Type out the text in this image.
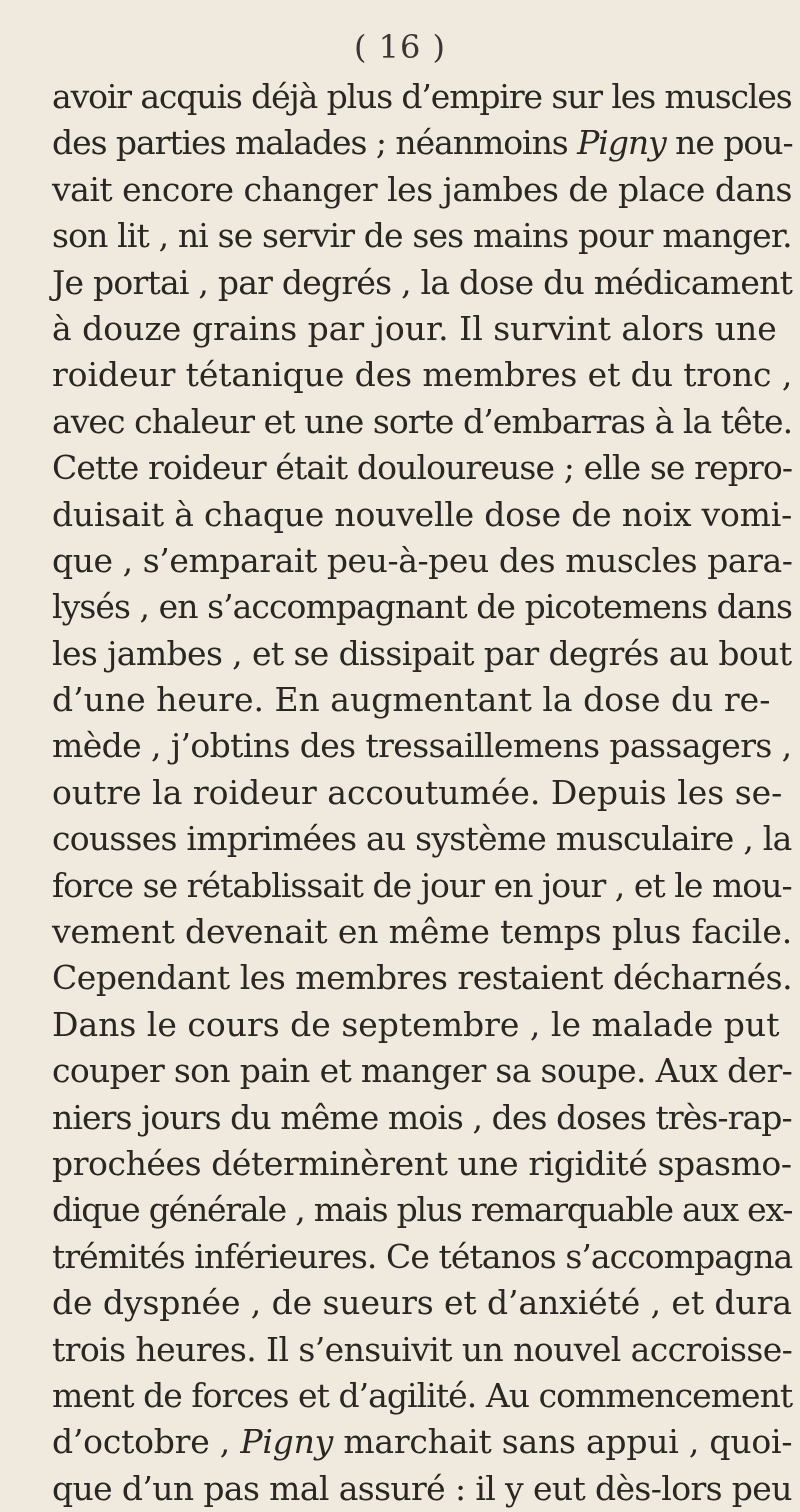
( 16 )
avoir acquis déjà plus d’empire sur les muscles
des parties malades ; néanmoins Pigny ne pou-
vait encore changer les jambes de place dans
son lit , ni se servir de ses mains pour manger.
Je portai , par degrés , la dose du médicament
à douze grains par jour. Il survint alors une
roideur tétanique des membres et du tronc ,
avec chaleur et une sorte d’embarras à la tête.
Cette roideur était douloureuse ; elle se repro-
duisait à chaque nouvelle dose de noix vomi-
que , s’emparait peu-à-peu des muscles para-
lysés , en s’accompagnant de picotemens dans
les jambes , et se dissipait par degrés au bout
d’une heure. En augmentant la dose du re-
mède , j’obtins des tressaillemens passagers ,
outre la roideur accoutumée. Depuis les se-
cousses imprimées au système musculaire , la
force se rétablissait de jour en jour , et le mou-
vement devenait en même temps plus facile.
Cependant les membres restaient décharnés.
Dans le cours de septembre , le malade put
couper son pain et manger sa soupe. Aux der-
niers jours du même mois , des doses très-rap-
prochées déterminèrent une rigidité spasmo-
dique générale , mais plus remarquable aux ex-
trémités inférieures. Ce tétanos s’accompagna
de dyspnée , de sueurs et d’anxiété , et dura
trois heures. Il s’ensuivit un nouvel accroisse-
ment de forces et d’agilité. Au commencement
d’octobre , Pigny marchait sans appui , quoi-
que d’un pas mal assuré : il y eut dès-lors peu
